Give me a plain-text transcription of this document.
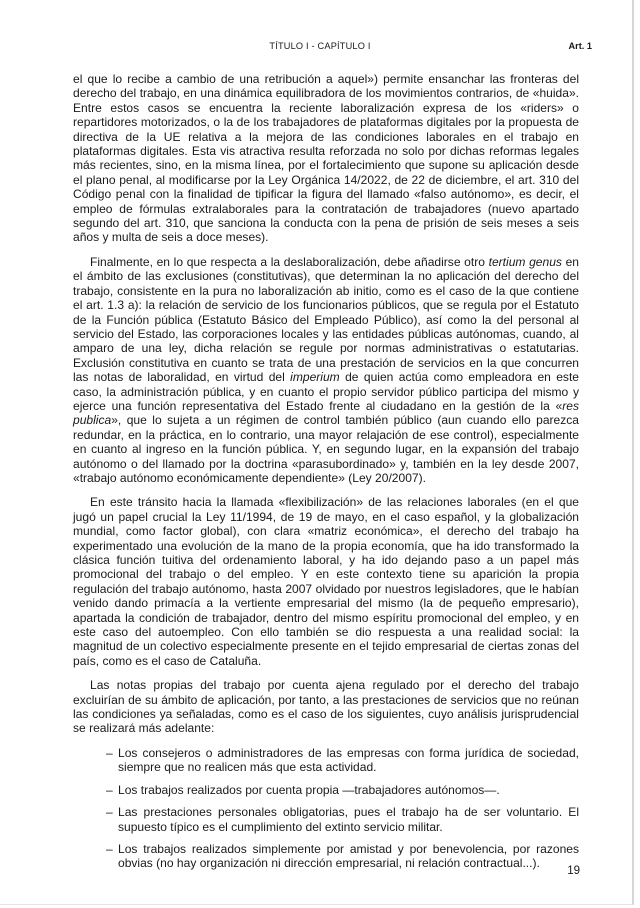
TÍTULO I - CAPÍTULO I	Art. 1

el que lo recibe a cambio de una retribución a aquel») permite ensanchar las fronteras del derecho del trabajo, en una dinámica equilibradora de los movimientos contrarios, de «huida». Entre estos casos se encuentra la reciente laboralización expresa de los «riders» o repartidores motorizados, o la de los trabajadores de plataformas digitales por la propuesta de directiva de la UE relativa a la mejora de las condiciones laborales en el trabajo en plataformas digitales. Esta vis atractiva resulta reforzada no solo por dichas reformas legales más recientes, sino, en la misma línea, por el fortalecimiento que supone su aplicación desde el plano penal, al modificarse por la Ley Orgánica 14/2022, de 22 de diciembre, el art. 310 del Código penal con la finalidad de tipificar la figura del llamado «falso autónomo», es decir, el empleo de fórmulas extralaborales para la contratación de trabajadores (nuevo apartado segundo del art. 310, que sanciona la conducta con la pena de prisión de seis meses a seis años y multa de seis a doce meses).

Finalmente, en lo que respecta a la deslaboralización, debe añadirse otro tertium genus en el ámbito de las exclusiones (constitutivas), que determinan la no aplicación del derecho del trabajo, consistente en la pura no laboralización ab initio, como es el caso de la que contiene el art. 1.3 a): la relación de servicio de los funcionarios públicos, que se regula por el Estatuto de la Función pública (Estatuto Básico del Empleado Público), así como la del personal al servicio del Estado, las corporaciones locales y las entidades públicas autónomas, cuando, al amparo de una ley, dicha relación se regule por normas administrativas o estatutarias. Exclusión constitutiva en cuanto se trata de una prestación de servicios en la que concurren las notas de laboralidad, en virtud del imperium de quien actúa como empleadora en este caso, la administración pública, y en cuanto el propio servidor público participa del mismo y ejerce una función representativa del Estado frente al ciudadano en la gestión de la «res publica», que lo sujeta a un régimen de control también público (aun cuando ello parezca redundar, en la práctica, en lo contrario, una mayor relajación de ese control), especialmente en cuanto al ingreso en la función pública. Y, en segundo lugar, en la expansión del trabajo autónomo o del llamado por la doctrina «parasubordinado» y, también en la ley desde 2007, «trabajo autónomo económicamente dependiente» (Ley 20/2007).

En este tránsito hacia la llamada «flexibilización» de las relaciones laborales (en el que jugó un papel crucial la Ley 11/1994, de 19 de mayo, en el caso español, y la globalización mundial, como factor global), con clara «matriz económica», el derecho del trabajo ha experimentado una evolución de la mano de la propia economía, que ha ido transformado la clásica función tuitiva del ordenamiento laboral, y ha ido dejando paso a un papel más promocional del trabajo o del empleo. Y en este contexto tiene su aparición la propia regulación del trabajo autónomo, hasta 2007 olvidado por nuestros legisladores, que le habían venido dando primacía a la vertiente empresarial del mismo (la de pequeño empresario), apartada la condición de trabajador, dentro del mismo espíritu promocional del empleo, y en este caso del autoempleo. Con ello también se dio respuesta a una realidad social: la magnitud de un colectivo especialmente presente en el tejido empresarial de ciertas zonas del país, como es el caso de Cataluña.

Las notas propias del trabajo por cuenta ajena regulado por el derecho del trabajo excluirían de su ámbito de aplicación, por tanto, a las prestaciones de servicios que no reúnan las condiciones ya señaladas, como es el caso de los siguientes, cuyo análisis jurisprudencial se realizará más adelante:

– Los consejeros o administradores de las empresas con forma jurídica de sociedad, siempre que no realicen más que esta actividad.
– Los trabajos realizados por cuenta propia —trabajadores autónomos—.
– Las prestaciones personales obligatorias, pues el trabajo ha de ser voluntario. El supuesto típico es el cumplimiento del extinto servicio militar.
– Los trabajos realizados simplemente por amistad y por benevolencia, por razones obvias (no hay organización ni dirección empresarial, ni relación contractual...).
19
